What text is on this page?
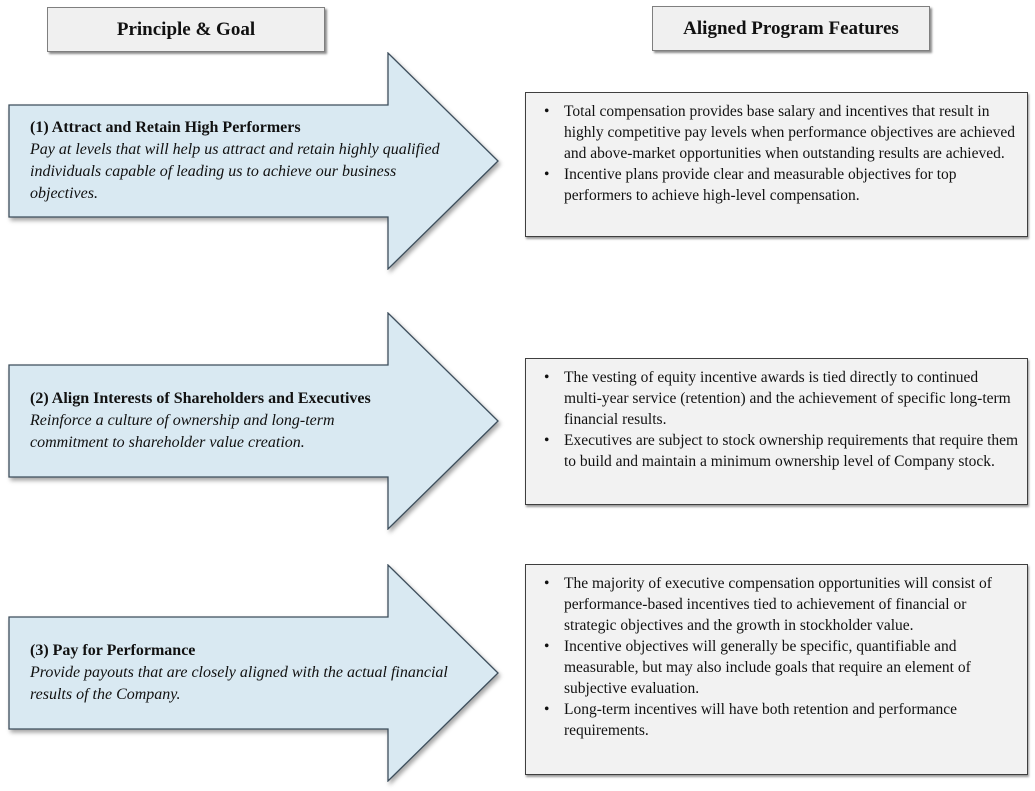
Principle & Goal	Aligned Program Features
(1) Attract and Retain High Performers
Pay at levels that will help us attract and retain highly qualified individuals capable of leading us to achieve our business objectives.
• Total compensation provides base salary and incentives that result in highly competitive pay levels when performance objectives are achieved and above-market opportunities when outstanding results are achieved.
• Incentive plans provide clear and measurable objectives for top performers to achieve high-level compensation.
(2) Align Interests of Shareholders and Executives
Reinforce a culture of ownership and long-term commitment to shareholder value creation.
• The vesting of equity incentive awards is tied directly to continued multi-year service (retention) and the achievement of specific long-term financial results.
• Executives are subject to stock ownership requirements that require them to build and maintain a minimum ownership level of Company stock.
(3) Pay for Performance
Provide payouts that are closely aligned with the actual financial results of the Company.
• The majority of executive compensation opportunities will consist of performance-based incentives tied to achievement of financial or strategic objectives and the growth in stockholder value.
• Incentive objectives will generally be specific, quantifiable and measurable, but may also include goals that require an element of subjective evaluation.
• Long-term incentives will have both retention and performance requirements.
